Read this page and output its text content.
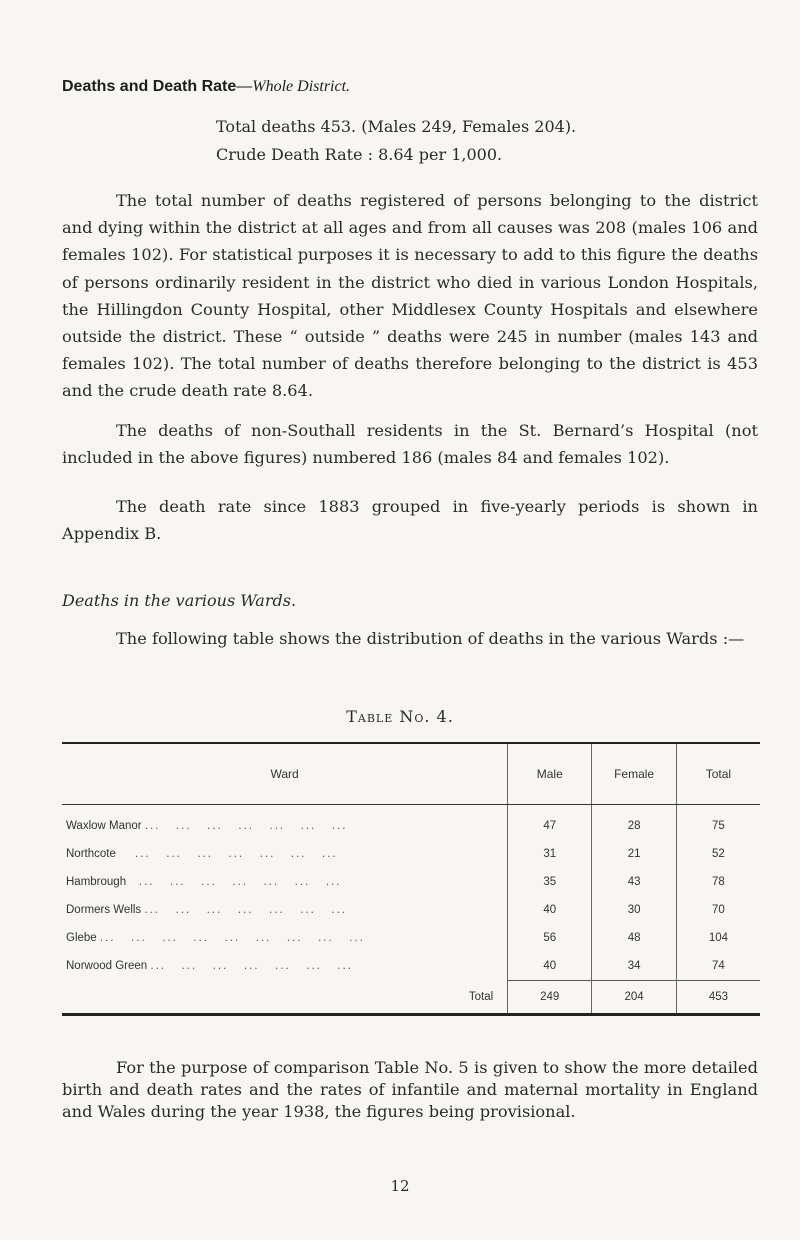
Deaths and Death Rate—Whole District.
Total deaths 453. (Males 249, Females 204).
Crude Death Rate : 8.64 per 1,000.
The total number of deaths registered of persons belonging to the district and dying within the district at all ages and from all causes was 208 (males 106 and females 102). For statistical purposes it is necessary to add to this figure the deaths of persons ordinarily resident in the district who died in various London Hospitals, the Hillingdon County Hospital, other Middlesex County Hospitals and elsewhere outside the district. These “ outside ” deaths were 245 in number (males 143 and females 102). The total number of deaths therefore belonging to the district is 453 and the crude death rate 8.64.
The deaths of non-Southall residents in the St. Bernard’s Hospital (not included in the above figures) numbered 186 (males 84 and females 102).
The death rate since 1883 grouped in five-yearly periods is shown in Appendix B.
Deaths in the various Wards.
The following table shows the distribution of deaths in the various Wards :—
Table No. 4.
Ward	Male	Female	Total
Waxlow Manor ...   ...   ...   ...   ...   ...   ...	47	28	75
Northcote ...   ...   ...   ...   ...   ...   ...	31	21	52
Hambrough ...   ...   ...   ...   ...   ...   ...	35	43	78
Dormers Wells ...   ...   ...   ...   ...   ...   ...	40	30	70
Glebe ...   ...   ...   ...   ...   ...   ...   ...   ...	56	48	104
Norwood Green ...   ...   ...   ...   ...   ...   ...	40	34	74
Total	249	204	453
For the purpose of comparison Table No. 5 is given to show the more detailed birth and death rates and the rates of infantile and maternal mortality in England and Wales during the year 1938, the figures being provisional.
12
